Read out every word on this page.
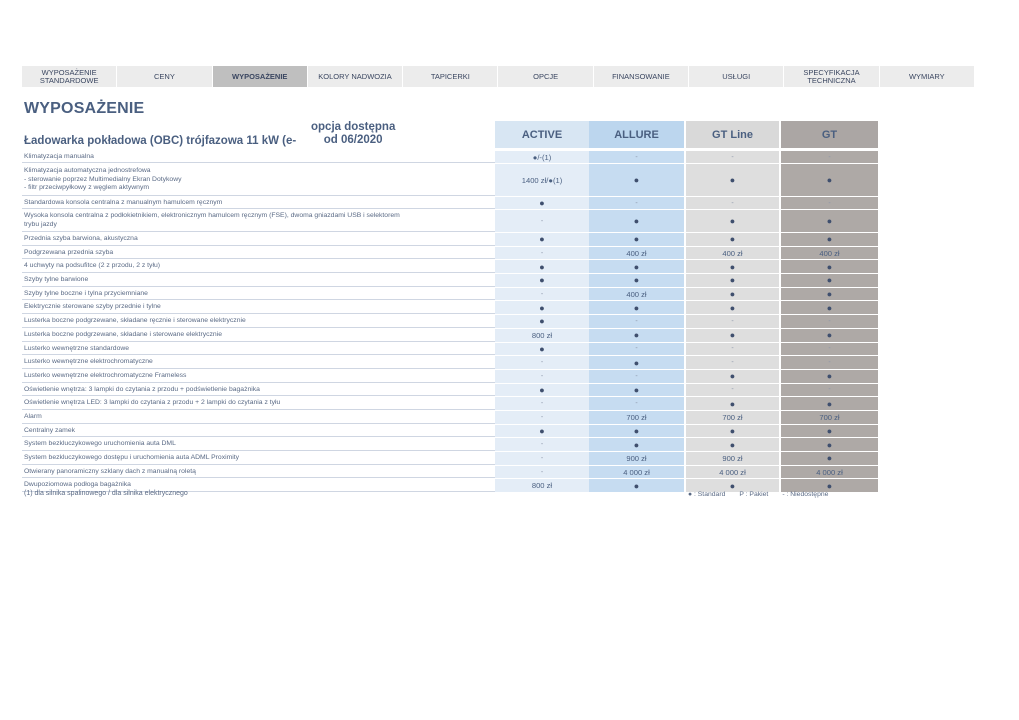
WYPOSAŻENIE
STANDARDOWE	CENY	WYPOSAŻENIE	KOLORY NADWOZIA	TAPICERKI	OPCJE	FINANSOWANIE	USŁUGI	SPECYFIKACJA
TECHNICZNA	WYMIARY
WYPOSAŻENIE
Ładowarka pokładowa (OBC) trójfazowa 11 kW (e-
opcja dostępna
od 06/2020	ACTIVE	ALLURE	GT Line	GT
Klimatyzacja manualna	●/-(1)	-	-	-
Klimatyzacja automatyczna jednostrefowa
- sterowanie poprzez Multimedialny Ekran Dotykowy
- filtr przeciwpyłkowy z węglem aktywnym
1400 zł/●(1)	●	●	●
Standardowa konsola centralna z manualnym hamulcem ręcznym	●	-	-	-
Wysoka konsola centralna z podłokietnikiem, elektronicznym hamulcem ręcznym (FSE), dwoma gniazdami USB i selektorem
trybu jazdy	-	●	●	●
Przednia szyba barwiona, akustyczna	●	●	●	●
Podgrzewana przednia szyba	-	400 zł	400 zł	400 zł
4 uchwyty na podsufitce (2 z przodu, 2 z tyłu)	●	●	●	●
Szyby tylne barwione	●	●	●	●
Szyby tylne boczne i tylna przyciemniane	-	400 zł	●	●
Elektrycznie sterowane szyby przednie i tylne	●	●	●	●
Lusterka boczne podgrzewane, składane ręcznie i sterowane elektrycznie	●	-	-	-
Lusterka boczne podgrzewane, składane i sterowane elektrycznie	800 zł	●	●	●
Lusterko wewnętrzne standardowe	●	-	-	-
Lusterko wewnętrzne elektrochromatyczne	-	●	-	-
Lusterko wewnętrzne elektrochromatyczne Frameless	-	-	●	●
Oświetlenie wnętrza: 3 lampki do czytania z przodu + podświetlenie bagażnika	●	●	-	-
Oświetlenie wnętrza LED: 3 lampki do czytania z przodu + 2 lampki do czytania z tyłu	-	-	●	●
Alarm	-	700 zł	700 zł	700 zł
Centralny zamek	●	●	●	●
System bezkluczykowego uruchomienia auta DML	-	●	●	●
System bezkluczykowego dostępu i uruchomienia auta ADML Proximity	-	900 zł	900 zł	●
Otwierany panoramiczny szklany dach z manualną roletą	-	4 000 zł	4 000 zł	4 000 zł
Dwupoziomowa podłoga bagażnika	800 zł	●	●	●
(1) dla silnika spalinowego / dla silnika elektrycznego	● : Standard P : Pakiet - : Niedostępne
